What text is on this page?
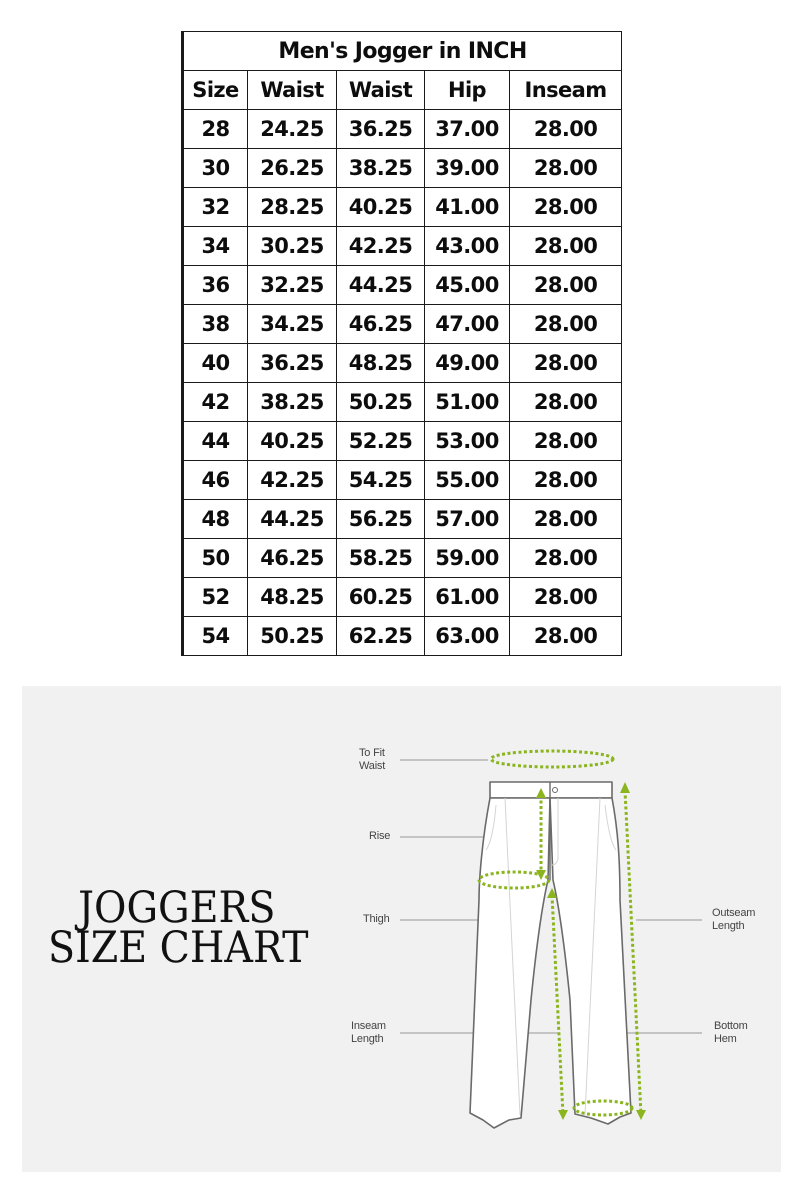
Men's Jogger in INCH				
Size	Waist	Waist	Hip	Inseam
28	24.25	36.25	37.00	28.00
30	26.25	38.25	39.00	28.00
32	28.25	40.25	41.00	28.00
34	30.25	42.25	43.00	28.00
36	32.25	44.25	45.00	28.00
38	34.25	46.25	47.00	28.00
40	36.25	48.25	49.00	28.00
42	38.25	50.25	51.00	28.00
44	40.25	52.25	53.00	28.00
46	42.25	54.25	55.00	28.00
48	44.25	56.25	57.00	28.00
50	46.25	58.25	59.00	28.00
52	48.25	60.25	61.00	28.00
54	50.25	62.25	63.00	28.00
JOGGERS
SIZE CHART
To Fit
Waist
Rise
Thigh
Inseam
Length
Outseam
Length
Bottom
Hem
